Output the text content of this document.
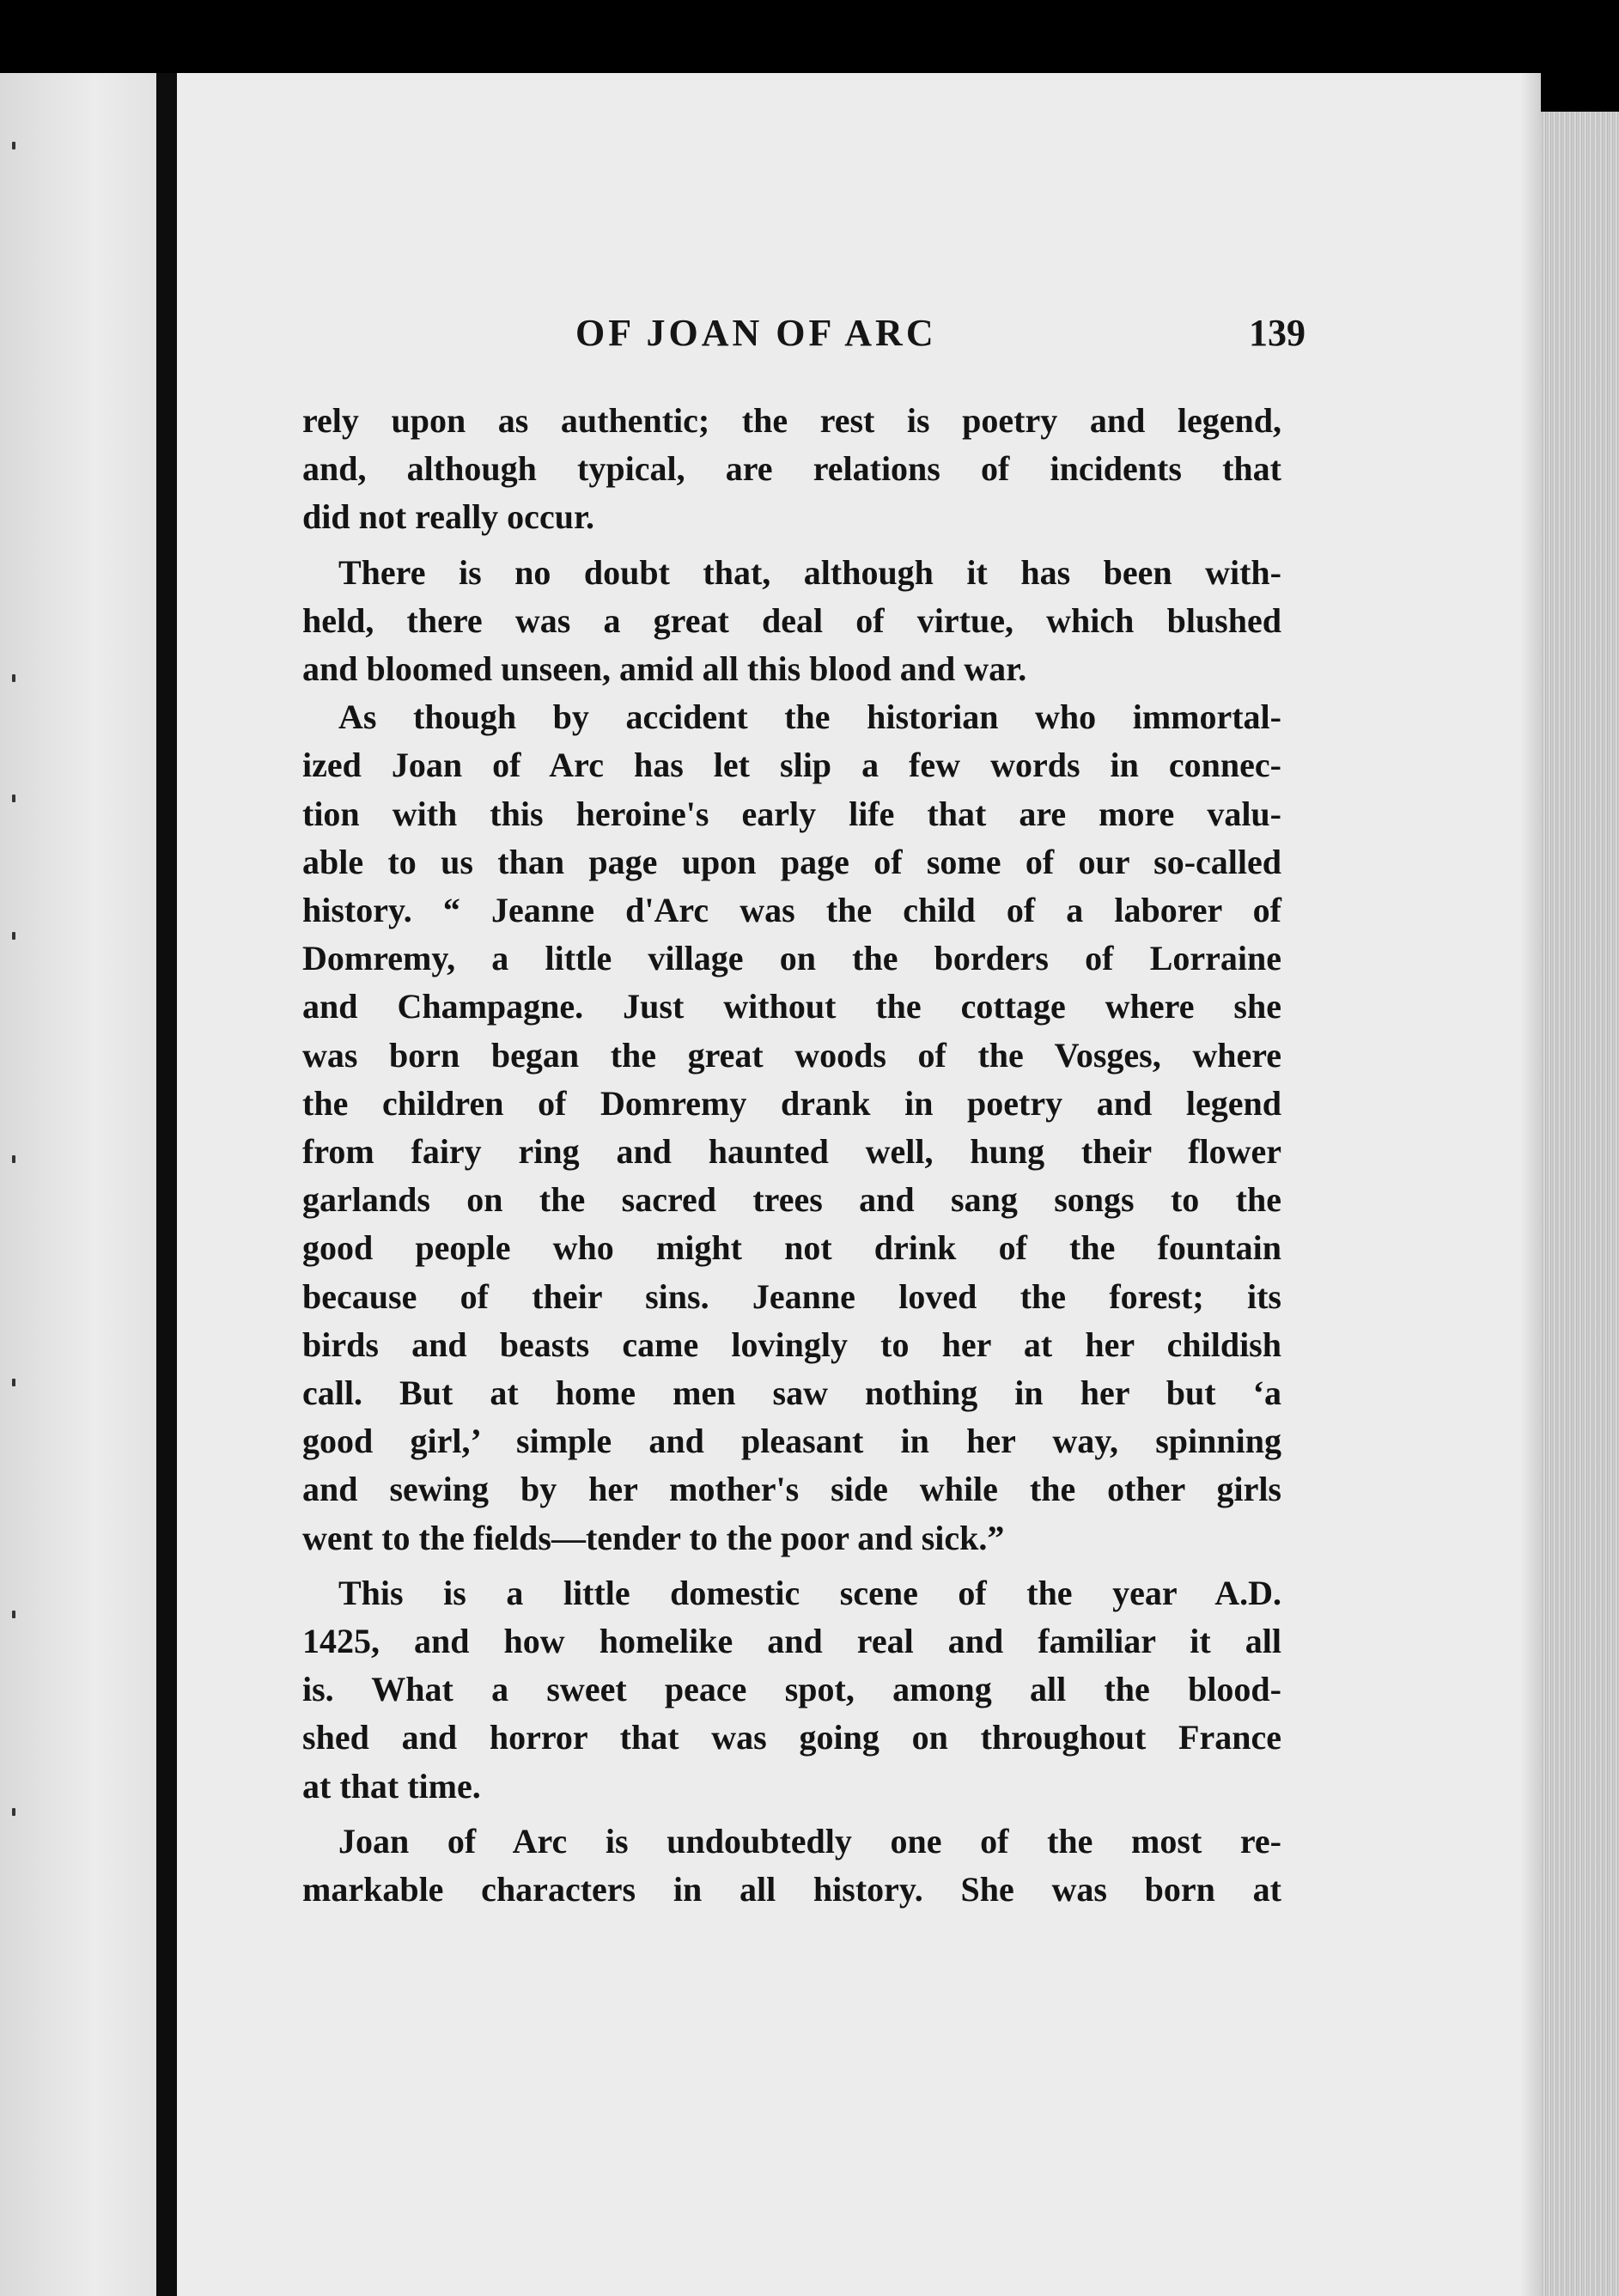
OF JOAN OF ARC	139
rely upon as authentic; the rest is poetry and legend,
and, although typical, are relations of incidents that
did not really occur.
There is no doubt that, although it has been with-
held, there was a great deal of virtue, which blushed
and bloomed unseen, amid all this blood and war.
As though by accident the historian who immortal-
ized Joan of Arc has let slip a few words in connec-
tion with this heroine's early life that are more valu-
able to us than page upon page of some of our so-called
history. “ Jeanne d'Arc was the child of a laborer of
Domremy, a little village on the borders of Lorraine
and Champagne. Just without the cottage where she
was born began the great woods of the Vosges, where
the children of Domremy drank in poetry and legend
from fairy ring and haunted well, hung their flower
garlands on the sacred trees and sang songs to the
good people who might not drink of the fountain
because of their sins. Jeanne loved the forest; its
birds and beasts came lovingly to her at her childish
call. But at home men saw nothing in her but ‘a
good girl,’ simple and pleasant in her way, spinning
and sewing by her mother's side while the other girls
went to the fields—tender to the poor and sick.”
This is a little domestic scene of the year A.D.
1425, and how homelike and real and familiar it all
is. What a sweet peace spot, among all the blood-
shed and horror that was going on throughout France
at that time.
Joan of Arc is undoubtedly one of the most re-
markable characters in all history. She was born at
